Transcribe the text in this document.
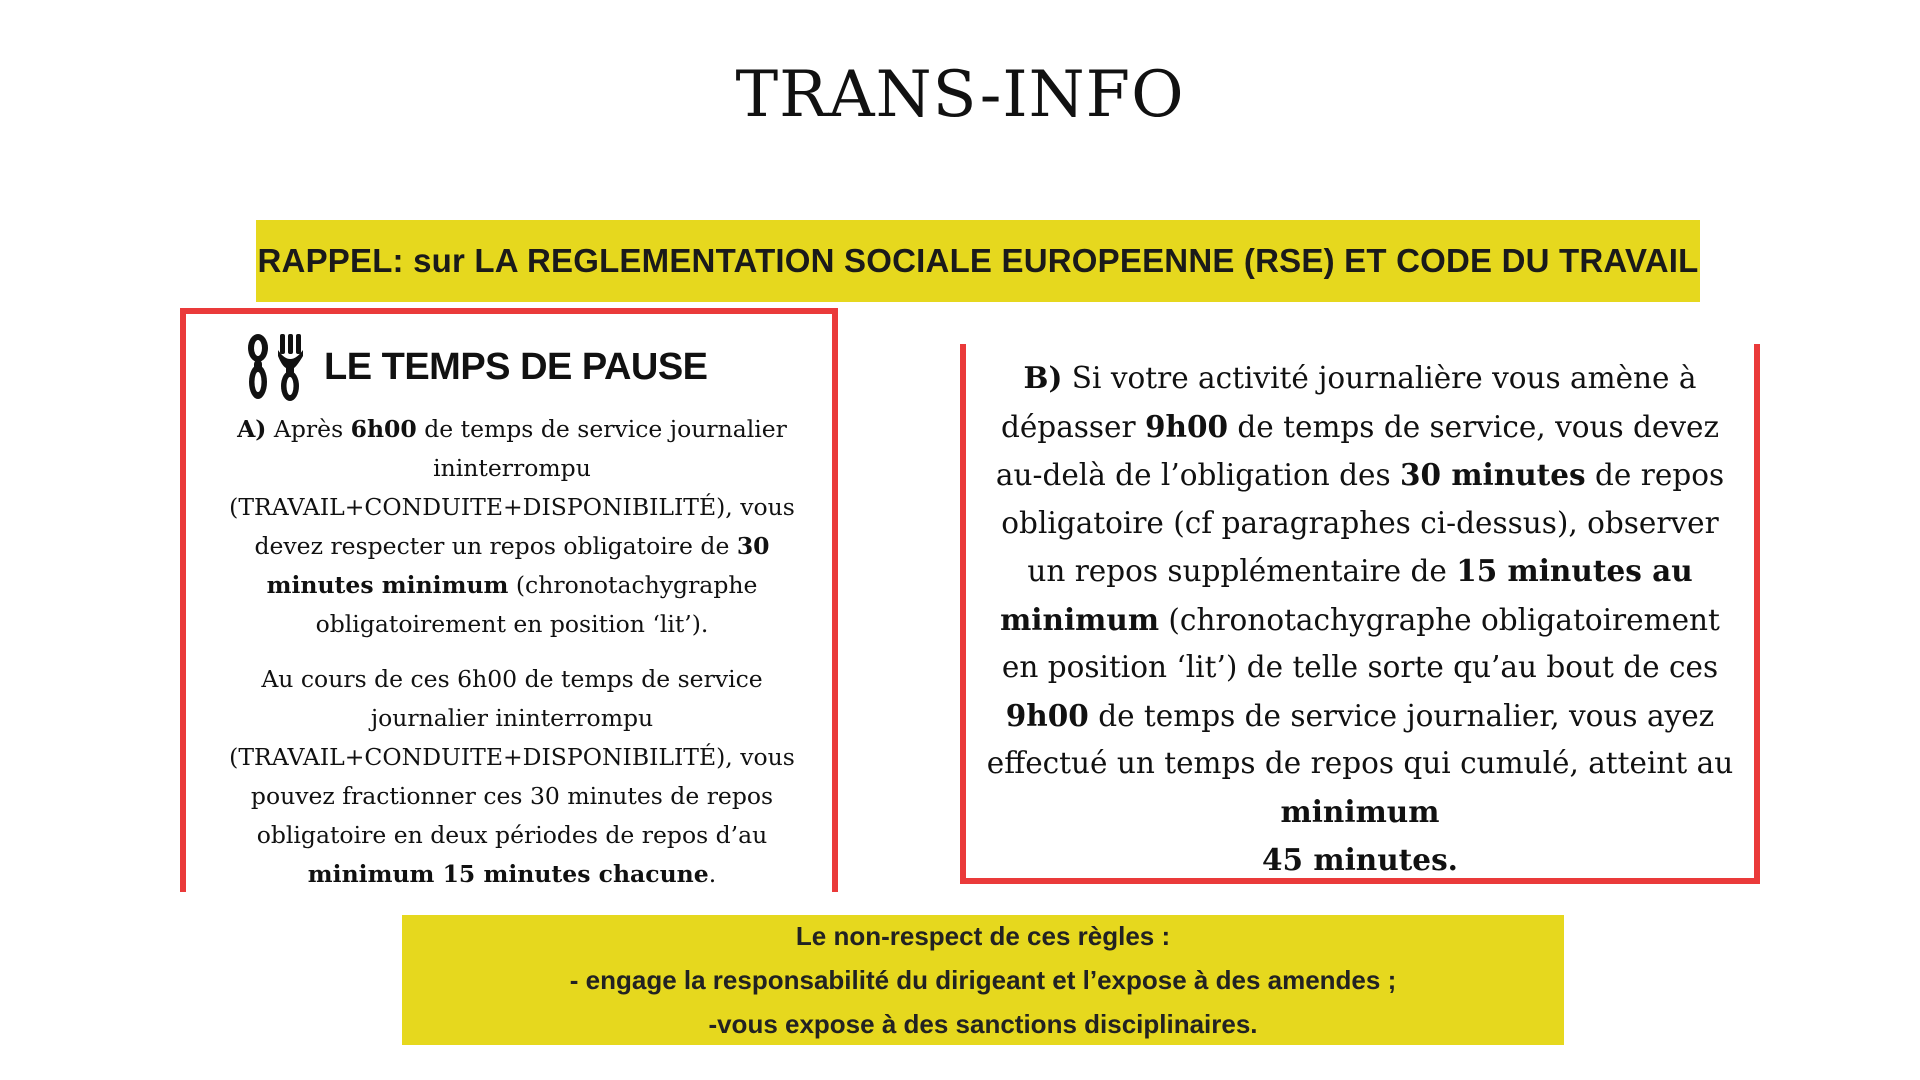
TRANS-INFO
RAPPEL: sur LA REGLEMENTATION SOCIALE EUROPEENNE (RSE) ET CODE DU TRAVAIL
LE TEMPS DE PAUSE

A) Après 6h00 de temps de service journalier ininterrompu (TRAVAIL+CONDUITE+DISPONIBILITÉ), vous devez respecter un repos obligatoire de 30 minutes minimum (chronotachygraphe obligatoirement en position ‘lit’).

Au cours de ces 6h00 de temps de service journalier ininterrompu (TRAVAIL+CONDUITE+DISPONIBILITÉ), vous pouvez fractionner ces 30 minutes de repos obligatoire en deux périodes de repos d’au minimum 15 minutes chacune.

B) Si votre activité journalière vous amène à dépasser 9h00 de temps de service, vous devez au-delà de l’obligation des 30 minutes de repos obligatoire (cf paragraphes ci-dessus), observer un repos supplémentaire de 15 minutes au minimum (chronotachygraphe obligatoirement en position ‘lit’) de telle sorte qu’au bout de ces 9h00 de temps de service journalier, vous ayez effectué un temps de repos qui cumulé, atteint au minimum
45 minutes.

Le non-respect de ces règles :
- engage la responsabilité du dirigeant et l’expose à des amendes ;
-vous expose à des sanctions disciplinaires.
